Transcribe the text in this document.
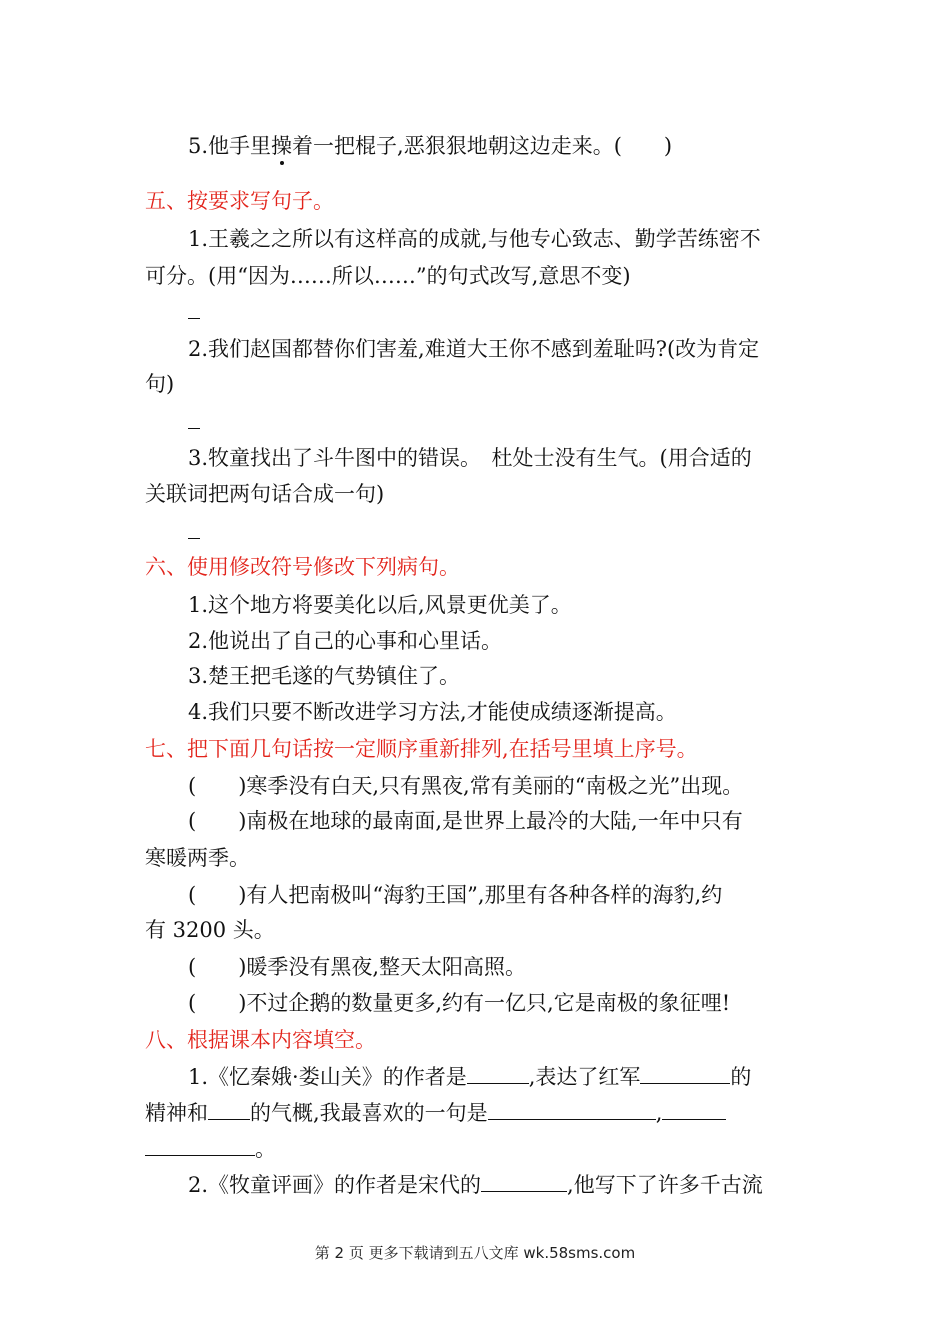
5.他手里操着一把棍子,恶狠狠地朝这边走来。(　　)
五、按要求写句子。
1.王羲之之所以有这样高的成就,与他专心致志、勤学苦练密不
可分。(用“因为……所以……”的句式改写,意思不变)
2.我们赵国都替你们害羞,难道大王你不感到羞耻吗?(改为肯定
句)
3.牧童找出了斗牛图中的错误。　杜处士没有生气。(用合适的
关联词把两句话合成一句)
六、使用修改符号修改下列病句。
1.这个地方将要美化以后,风景更优美了。
2.他说出了自己的心事和心里话。
3.楚王把毛遂的气势镇住了。
4.我们只要不断改进学习方法,才能使成绩逐渐提高。
七、把下面几句话按一定顺序重新排列,在括号里填上序号。
(　　)寒季没有白天,只有黑夜,常有美丽的“南极之光”出现。
(　　)南极在地球的最南面,是世界上最冷的大陆,一年中只有
寒暖两季。
(　　)有人把南极叫“海豹王国”,那里有各种各样的海豹,约
有 3200 头。
(　　)暖季没有黑夜,整天太阳高照。
(　　)不过企鹅的数量更多,约有一亿只,它是南极的象征哩!
八、根据课本内容填空。
1.《忆秦娥·娄山关》的作者是	,表达了红军	的
精神和 的气概,我最喜欢的一句是	,
。
2.《牧童评画》的作者是宋代的	,他写下了许多千古流
第 2 页 更多下载请到五八文库 wk.58sms.com
